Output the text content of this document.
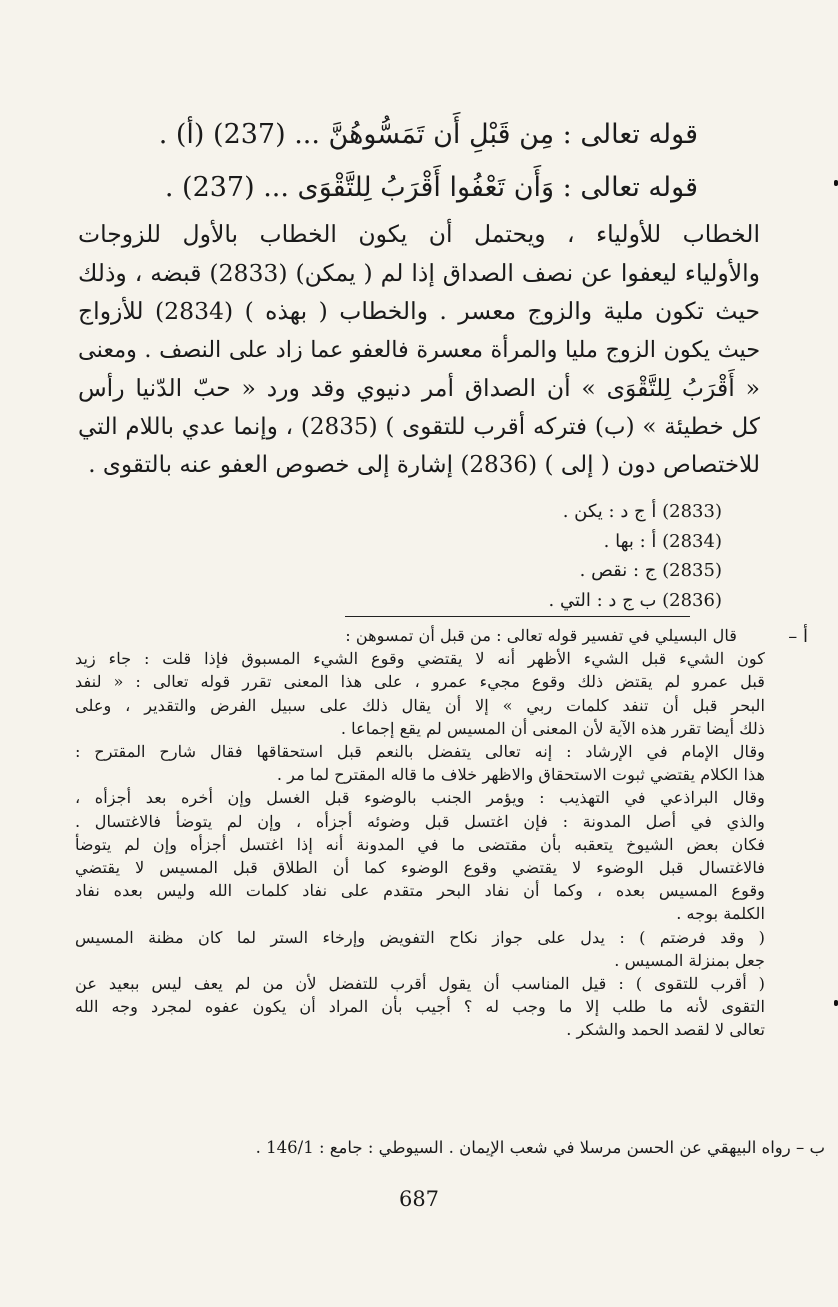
قوله تعالى : مِن قَبْلِ أَن تَمَسُّوهُنَّ ... (237) (أ) .
قوله تعالى : وَأَن تَعْفُوا أَقْرَبُ لِلتَّقْوَى ... (237) .
الخطاب للأولياء ، ويحتمل أن يكون الخطاب بالأول للزوجات
والأولياء ليعفوا عن نصف الصداق إذا لم ( يمكن) (2833) قبضه ، وذلك
حيث تكون ملية والزوج معسر . والخطاب ( بهذه ) (2834) للأزواج
حيث يكون الزوج مليا والمرأة معسرة فالعفو عما زاد على النصف . ومعنى
« أَقْرَبُ لِلتَّقْوَى » أن الصداق أمر دنيوي وقد ورد « حبّ الدّنيا رأس
كل خطيئة » (ب) فتركه أقرب للتقوى ) (2835) ، وإنما عدي باللام التي
للاختصاص دون ( إلى ) (2836) إشارة إلى خصوص العفو عنه بالتقوى .
(2833) أ ج د : يكن .
(2834) أ : بها .
(2835) ج : نقص .
(2836) ب ج د : التي .
أ –
قال البسيلي في تفسير قوله تعالى : من قبل أن تمسوهن :
كون الشيء قبل الشيء الأظهر أنه لا يقتضي وقوع الشيء المسبوق فإذا قلت : جاء زيد
قبل عمرو لم يقتض ذلك وقوع مجيء عمرو ، على هذا المعنى تقرر قوله تعالى : « لنفد
البحر قبل أن تنفد كلمات ربي » إلا أن يقال ذلك على سبيل الفرض والتقدير ، وعلى
ذلك أيضا تقرر هذه الآية لأن المعنى أن المسيس لم يقع إجماعا .
وقال الإمام في الإرشاد : إنه تعالى يتفضل بالنعم قبل استحقاقها فقال شارح المقترح :
هذا الكلام يقتضي ثبوت الاستحقاق والاظهر خلاف ما قاله المقترح لما مر .
وقال البراذعي في التهذيب : ويؤمر الجنب بالوضوء قبل الغسل وإن أخره بعد أجزأه ،
والذي في أصل المدونة : فإن اغتسل قبل وضوئه أجزأه ، وإن لم يتوضأ فالاغتسال .
فكان بعض الشيوخ يتعقبه بأن مقتضى ما في المدونة أنه إذا اغتسل أجزأه وإن لم يتوضأ
فالاغتسال قبل الوضوء لا يقتضي وقوع الوضوء كما أن الطلاق قبل المسيس لا يقتضي
وقوع المسيس بعده ، وكما أن نفاد البحر متقدم على نفاد كلمات الله وليس بعده نفاد
الكلمة بوجه .
( وقد فرضتم ) : يدل على جواز نكاح التفويض وإرخاء الستر لما كان مظنة المسيس
جعل بمنزلة المسيس .
( أقرب للتقوى ) : قيل المناسب أن يقول أقرب للتفضل لأن من لم يعف ليس ببعيد عن
التقوى لأنه ما طلب إلا ما وجب له ؟ أجيب بأن المراد أن يكون عفوه لمجرد وجه الله
تعالى لا لقصد الحمد والشكر .
ب – رواه البيهقي عن الحسن مرسلا في شعب الإيمان . السيوطي : جامع : 146/1 .
687
